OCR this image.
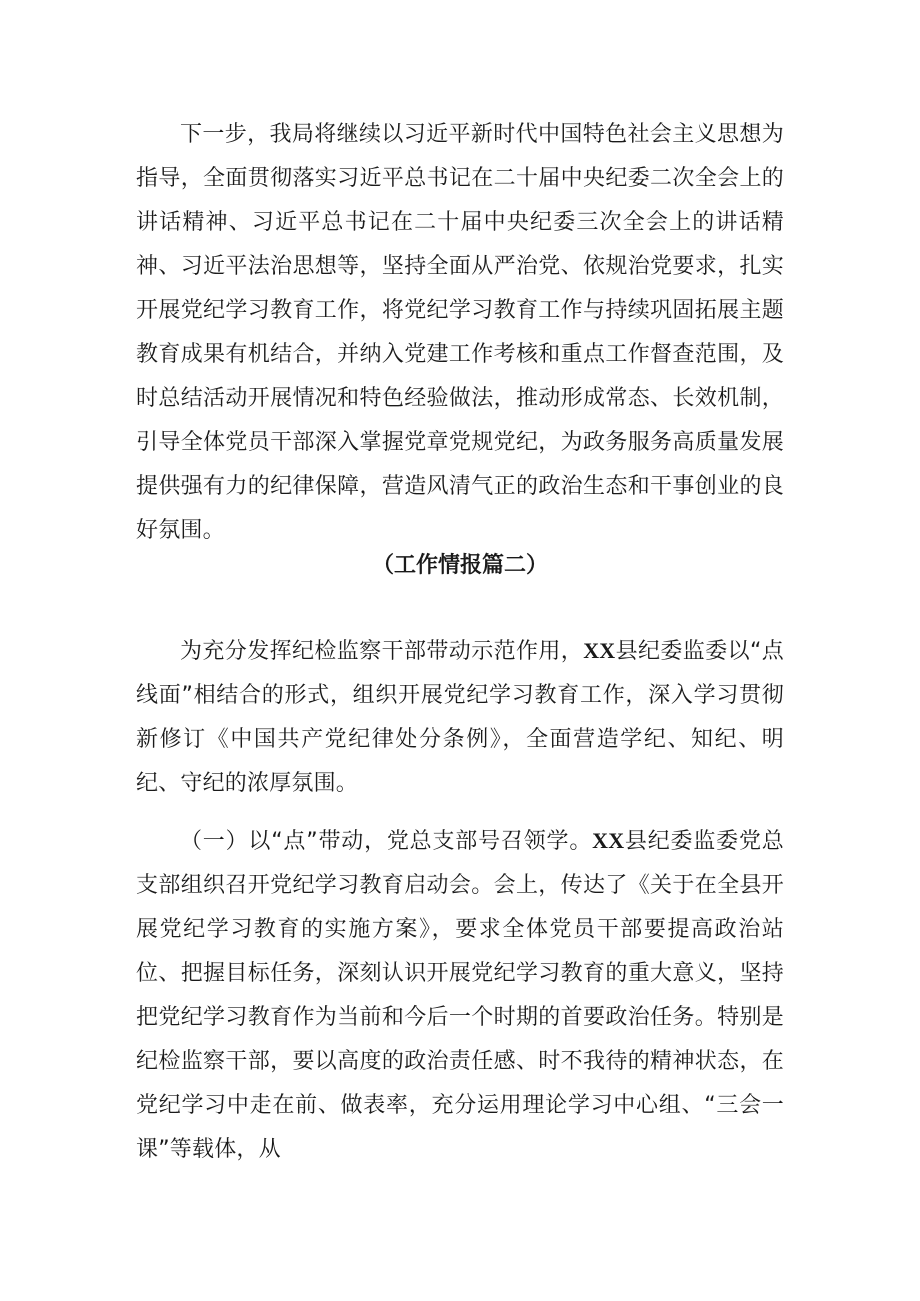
下一步，我局将继续以习近平新时代中国特色社会主义思想为指导，全面贯彻落实习近平总书记在二十届中央纪委二次全会上的讲话精神、习近平总书记在二十届中央纪委三次全会上的讲话精神、习近平法治思想等，坚持全面从严治党、依规治党要求，扎实开展党纪学习教育工作，将党纪学习教育工作与持续巩固拓展主题教育成果有机结合，并纳入党建工作考核和重点工作督查范围，及时总结活动开展情况和特色经验做法，推动形成常态、长效机制，引导全体党员干部深入掌握党章党规党纪，为政务服务高质量发展提供强有力的纪律保障，营造风清气正的政治生态和干事创业的良好氛围。

（工作情报篇二）

为充分发挥纪检监察干部带动示范作用，XX县纪委监委以“点线面”相结合的形式，组织开展党纪学习教育工作，深入学习贯彻新修订《中国共产党纪律处分条例》，全面营造学纪、知纪、明纪、守纪的浓厚氛围。

（一）以“点”带动，党总支部号召领学。XX县纪委监委党总支部组织召开党纪学习教育启动会。会上，传达了《关于在全县开展党纪学习教育的实施方案》，要求全体党员干部要提高政治站位、把握目标任务，深刻认识开展党纪学习教育的重大意义，坚持把党纪学习教育作为当前和今后一个时期的首要政治任务。特别是纪检监察干部，要以高度的政治责任感、时不我待的精神状态，在党纪学习中走在前、做表率，充分运用理论学习中心组、“三会一课”等载体，从
